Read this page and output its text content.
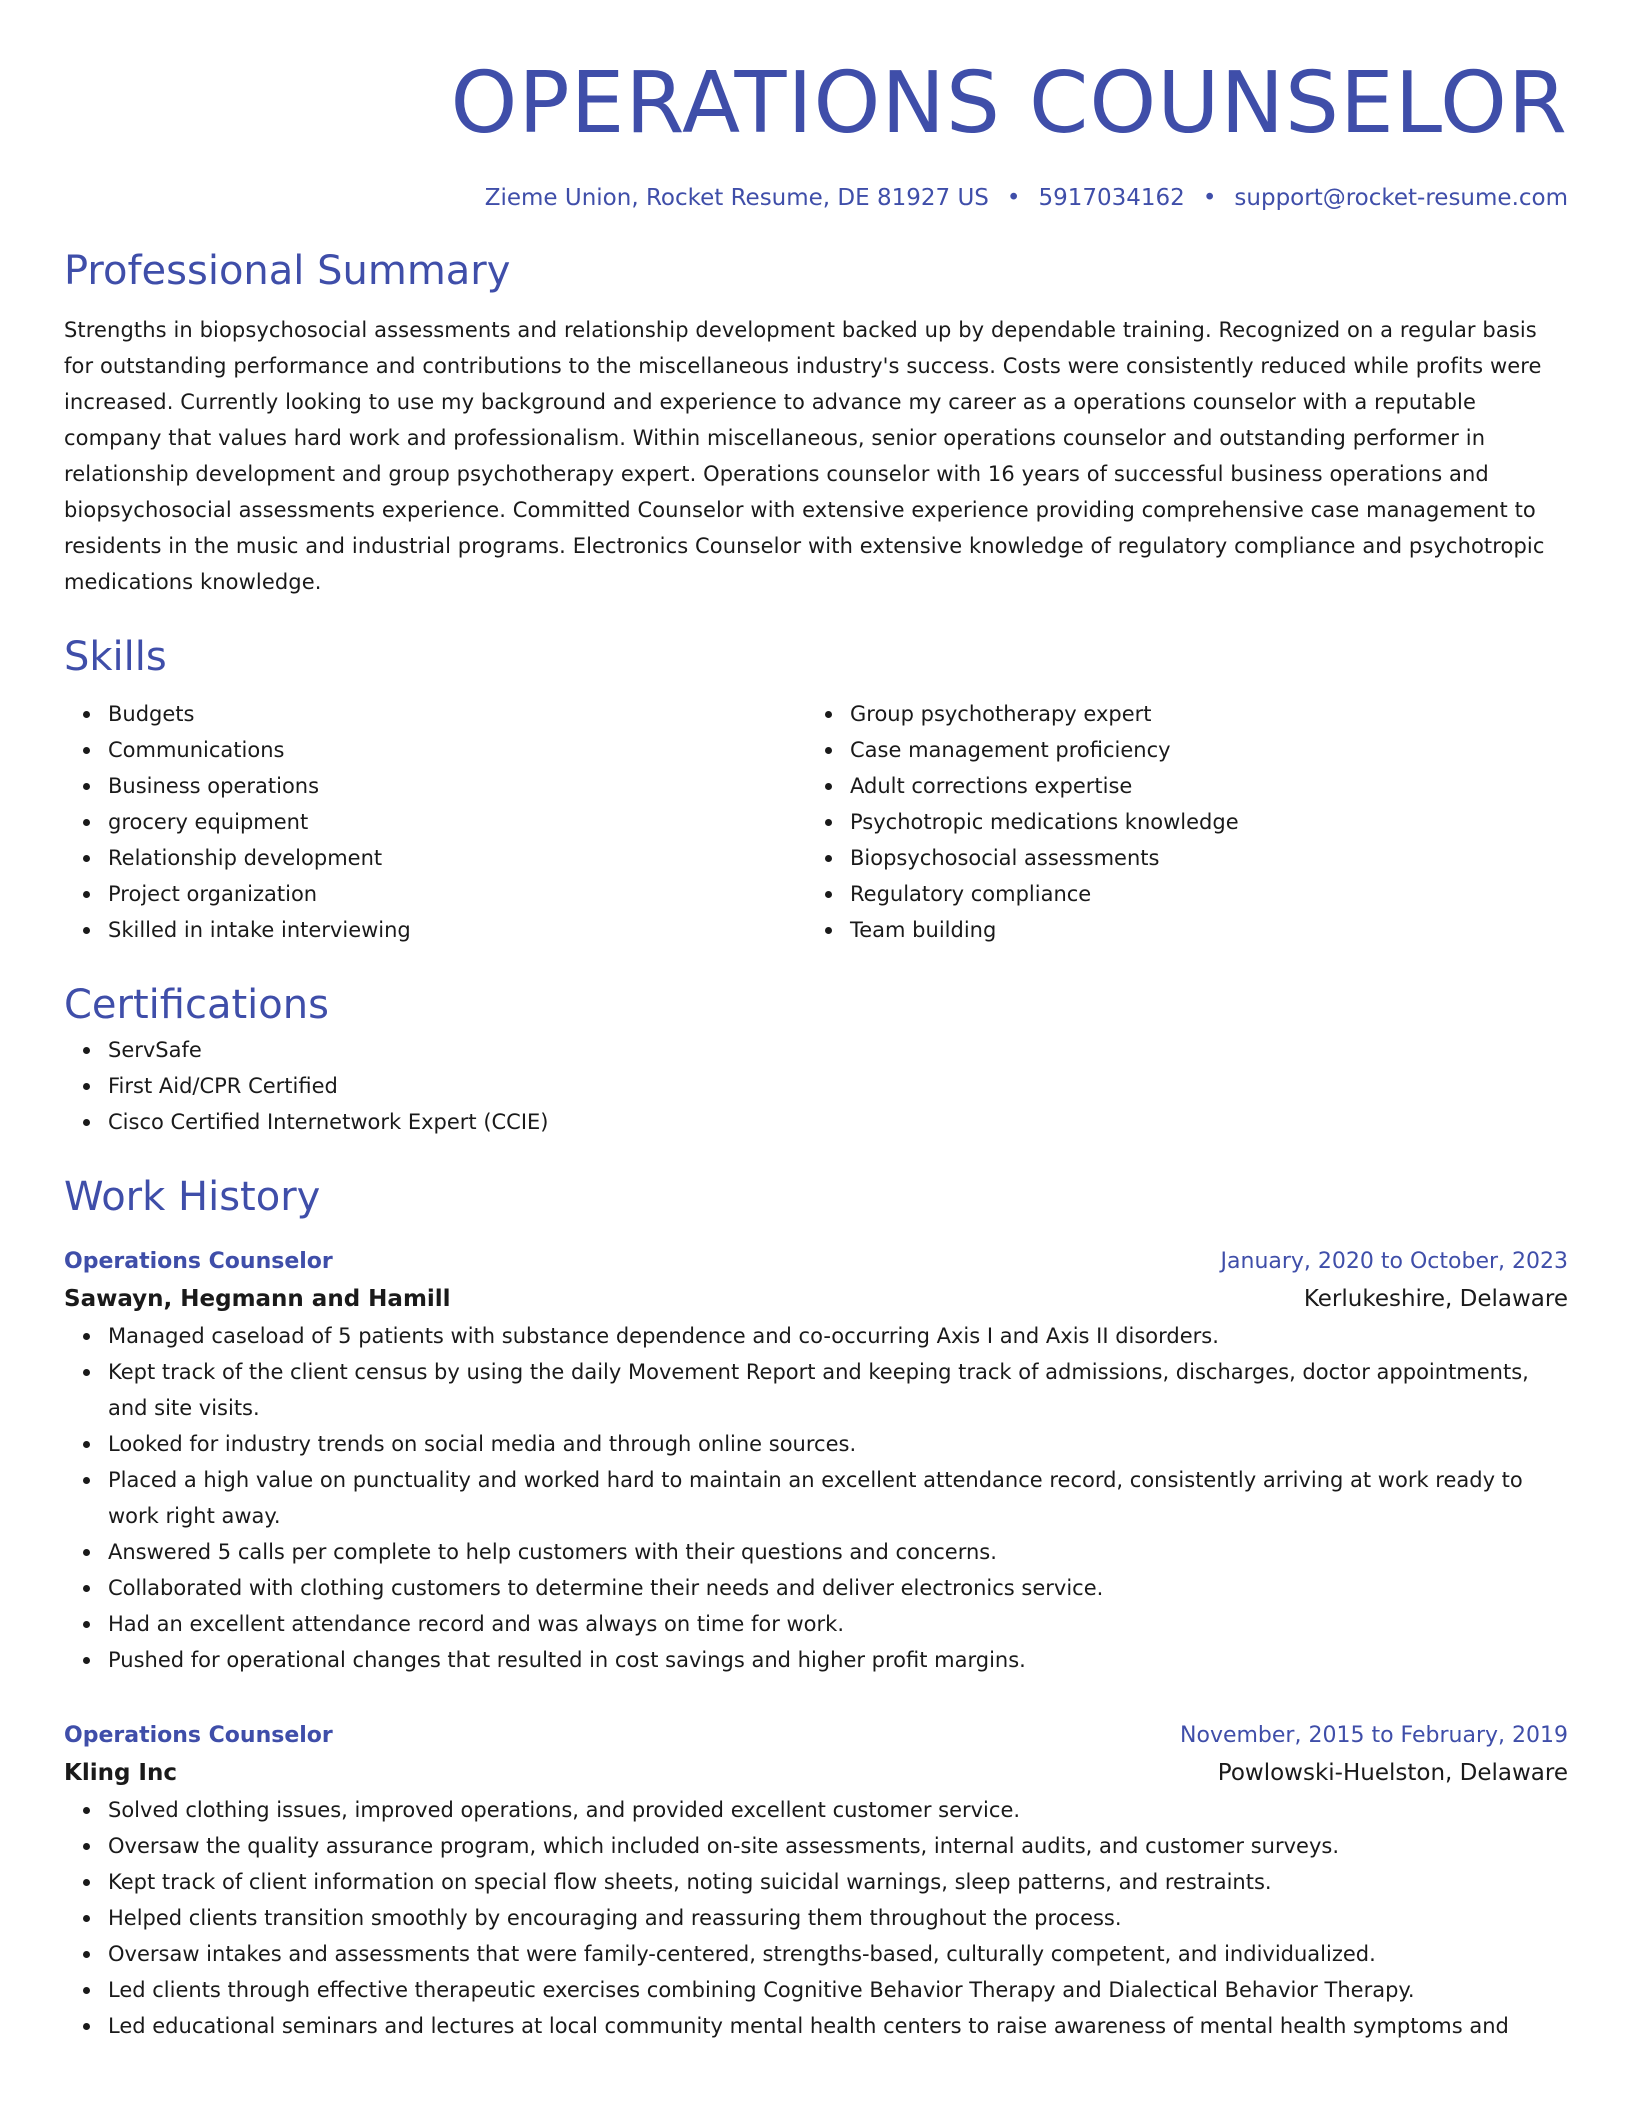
OPERATIONS COUNSELOR
Zieme Union, Rocket Resume, DE 81927 US • 5917034162 • support@rocket-resume.com
Professional Summary

Strengths in biopsychosocial assessments and relationship development backed up by dependable training. Recognized on a regular basis for outstanding performance and contributions to the miscellaneous industry's success. Costs were consistently reduced while profits were increased. Currently looking to use my background and experience to advance my career as a operations counselor with a reputable company that values hard work and professionalism. Within miscellaneous, senior operations counselor and outstanding performer in relationship development and group psychotherapy expert. Operations counselor with 16 years of successful business operations and biopsychosocial assessments experience. Committed Counselor with extensive experience providing comprehensive case management to residents in the music and industrial programs. Electronics Counselor with extensive knowledge of regulatory compliance and psychotropic medications knowledge.

Skills
Budgets
Communications
Business operations
grocery equipment
Relationship development
Project organization
Skilled in intake interviewing
Group psychotherapy expert
Case management proficiency
Adult corrections expertise
Psychotropic medications knowledge
Biopsychosocial assessments
Regulatory compliance
Team building
Certifications
ServSafe
First Aid/CPR Certified
Cisco Certified Internetwork Expert (CCIE)
Work History
Operations Counselor	January, 2020 to October, 2023
Sawayn, Hegmann and Hamill	Kerlukeshire, Delaware
Managed caseload of 5 patients with substance dependence and co-occurring Axis I and Axis II disorders.
Kept track of the client census by using the daily Movement Report and keeping track of admissions, discharges, doctor appointments, and site visits.
Looked for industry trends on social media and through online sources.
Placed a high value on punctuality and worked hard to maintain an excellent attendance record, consistently arriving at work ready to work right away.
Answered 5 calls per complete to help customers with their questions and concerns.
Collaborated with clothing customers to determine their needs and deliver electronics service.
Had an excellent attendance record and was always on time for work.
Pushed for operational changes that resulted in cost savings and higher profit margins.
Operations Counselor	November, 2015 to February, 2019
Kling Inc	Powlowski-Huelston, Delaware
Solved clothing issues, improved operations, and provided excellent customer service.
Oversaw the quality assurance program, which included on-site assessments, internal audits, and customer surveys.
Kept track of client information on special flow sheets, noting suicidal warnings, sleep patterns, and restraints.
Helped clients transition smoothly by encouraging and reassuring them throughout the process.
Oversaw intakes and assessments that were family-centered, strengths-based, culturally competent, and individualized.
Led clients through effective therapeutic exercises combining Cognitive Behavior Therapy and Dialectical Behavior Therapy.
Led educational seminars and lectures at local community mental health centers to raise awareness of mental health symptoms and
